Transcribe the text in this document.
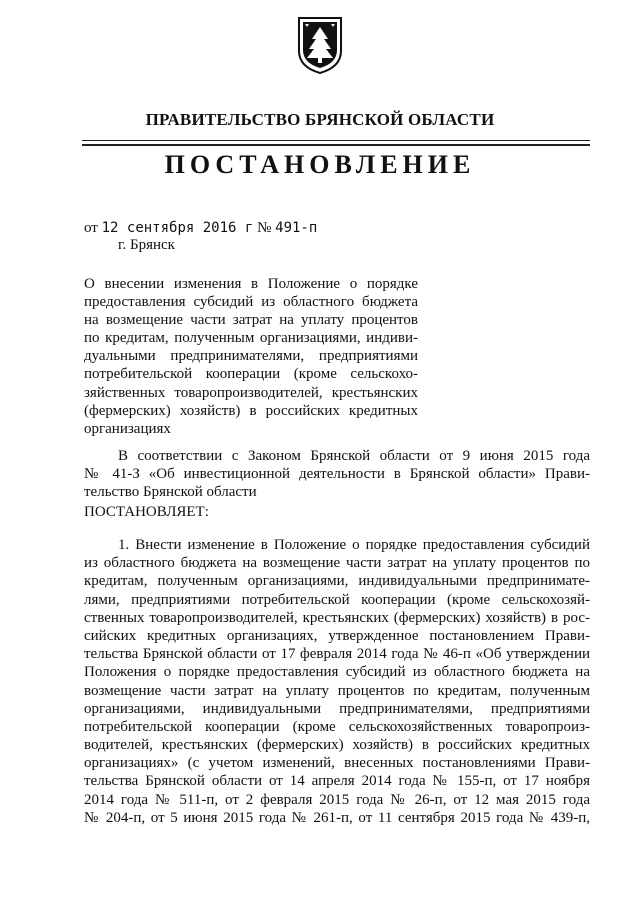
ПРАВИТЕЛЬСТВО БРЯНСКОЙ ОБЛАСТИ
ПОСТАНОВЛЕНИЕ
от 12 сентября 2016 г № 491-п
г. Брянск
О внесении изменения в Положение о порядке
предоставления субсидий из областного бюджета
на возмещение части затрат на уплату процентов
по кредитам, полученным организациями, индиви-
дуальными предпринимателями, предприятиями
потребительской кооперации (кроме сельскохо-
зяйственных товаропроизводителей, крестьянских
(фермерских) хозяйств) в российских кредитных
организациях
В соответствии с Законом Брянской области от 9 июня 2015 года
№ 41-З «Об инвестиционной деятельности в Брянской области» Прави-
тельство Брянской области
ПОСТАНОВЛЯЕТ:
1. Внести изменение в Положение о порядке предоставления субсидий
из областного бюджета на возмещение части затрат на уплату процентов по
кредитам, полученным организациями, индивидуальными предпринимате-
лями, предприятиями потребительской кооперации (кроме сельскохозяй-
ственных товаропроизводителей, крестьянских (фермерских) хозяйств) в рос-
сийских кредитных организациях, утвержденное постановлением Прави-
тельства Брянской области от 17 февраля 2014 года № 46-п «Об утверждении
Положения о порядке предоставления субсидий из областного бюджета на
возмещение части затрат на уплату процентов по кредитам, полученным
организациями, индивидуальными предпринимателями, предприятиями
потребительской кооперации (кроме сельскохозяйственных товаропроиз-
водителей, крестьянских (фермерских) хозяйств) в российских кредитных
организациях» (с учетом изменений, внесенных постановлениями Прави-
тельства Брянской области от 14 апреля 2014 года № 155-п, от 17 ноября
2014 года № 511-п, от 2 февраля 2015 года № 26-п, от 12 мая 2015 года
№ 204-п, от 5 июня 2015 года № 261-п, от 11 сентября 2015 года № 439-п,
